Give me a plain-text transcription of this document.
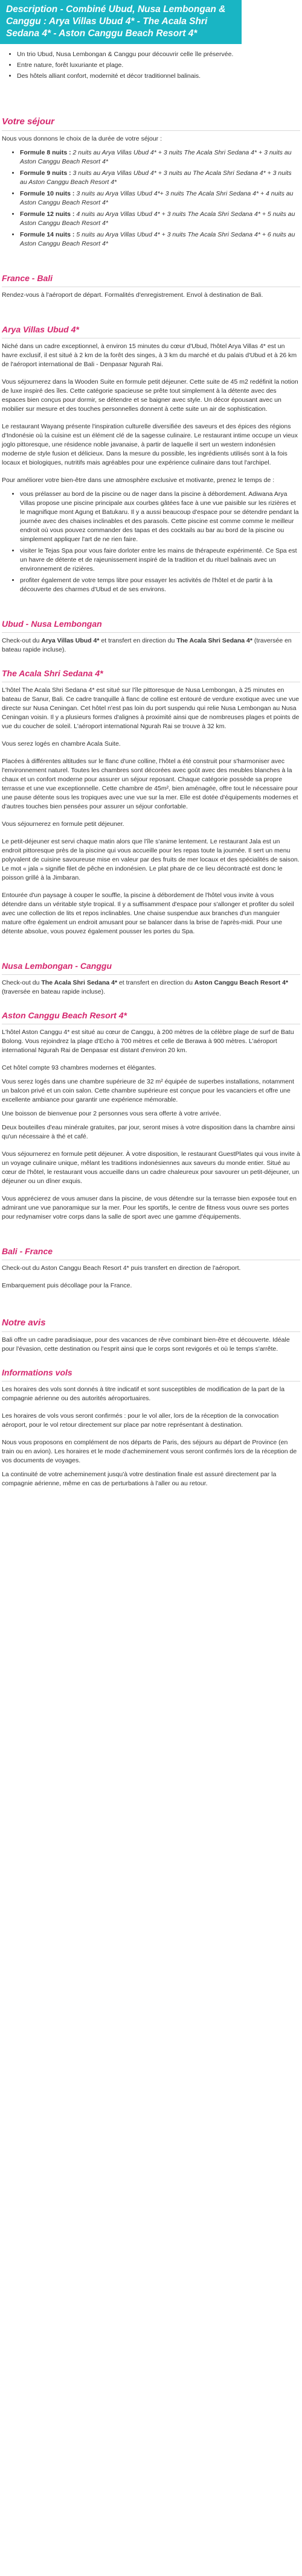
Description - Combiné Ubud, Nusa Lembongan & Canggu : Arya Villas Ubud 4* - The Acala Shri Sedana 4* - Aston Canggu Beach Resort 4*
• Un trio Ubud, Nusa Lembongan & Canggu pour découvrir celle île préservée.
• Entre nature, forêt luxuriante et plage.
• Des hôtels alliant confort, modernité et décor traditionnel balinais.
Votre séjour

Nous vous donnons le choix de la durée de votre séjour :

• Formule 8 nuits : 2 nuits au Arya Villas Ubud 4* + 3 nuits The Acala Shri Sedana 4* + 3 nuits au Aston Canggu Beach Resort 4*
• Formule 9 nuits : 3 nuits au Arya Villas Ubud 4* + 3 nuits au The Acala Shri Sedana 4* + 3 nuits au Aston Canggu Beach Resort 4*
• Formule 10 nuits : 3 nuits au Arya Villas Ubud 4*+ 3 nuits The Acala Shri Sedana 4* + 4 nuits au Aston Canggu Beach Resort 4*
• Formule 12 nuits : 4 nuits au Arya Villas Ubud 4* + 3 nuits The Acala Shri Sedana 4* + 5 nuits au Aston Canggu Beach Resort 4*
• Formule 14 nuits : 5 nuits au Arya Villas Ubud 4* + 3 nuits The Acala Shri Sedana 4* + 6 nuits au Aston Canggu Beach Resort 4*
France - Bali

Rendez-vous à l'aéroport de départ. Formalités d'enregistrement. Envol à destination de Bali.

Arya Villas Ubud 4*

Niché dans un cadre exceptionnel, à environ 15 minutes du cœur d'Ubud, l'hôtel Arya Villas 4* est un havre exclusif, il est situé à 2 km de la forêt des singes, à 3 km du marché et du palais d'Ubud et à 26 km de l'aéroport international de Bali - Denpasar Ngurah Rai.

Vous séjournerez dans la Wooden Suite en formule petit déjeuner. Cette suite de 45 m2 redéfinit la notion de luxe inspiré des îles. Cette catégorie spacieuse se prête tout simplement à la détente avec des espaces bien conçus pour dormir, se détendre et se baigner avec style. Un décor épousant avec un mobilier sur mesure et des touches personnelles donnent à cette suite un air de sophistication.

Le restaurant Wayang présente l'inspiration culturelle diversifiée des saveurs et des épices des régions d'Indonésie où la cuisine est un élément clé de la sagesse culinaire. Le restaurant intime occupe un vieux joglo pittoresque, une résidence noble javanaise, à partir de laquelle il sert un western indonésien moderne de style fusion et délicieux. Dans la mesure du possible, les ingrédients utilisés sont à la fois locaux et biologiques, nutritifs mais agréables pour une expérience culinaire dans tout l'archipel.

Pour améliorer votre bien-être dans une atmosphère exclusive et motivante, prenez le temps de :

• vous prélasser au bord de la piscine ou de nager dans la piscine à débordement. Adiwana Arya Villas propose une piscine principale aux courbes gâtées face à une vue paisible sur les rizières et le magnifique mont Agung et Batukaru. Il y a aussi beaucoup d'espace pour se détendre pendant la journée avec des chaises inclinables et des parasols. Cette piscine est comme comme le meilleur endroit où vous pouvez commander des tapas et des cocktails au bar au bord de la piscine ou simplement appliquer l'art de ne rien faire.
• visiter le Tejas Spa pour vous faire dorloter entre les mains de thérapeute expérimenté. Ce Spa est un havre de détente et de rajeunissement inspiré de la tradition et du rituel balinais avec un environnement de rizières.
• profiter également de votre temps libre pour essayer les activités de l'hôtel et de partir à la découverte des charmes d'Ubud et de ses environs.
Ubud - Nusa Lembongan

Check-out du Arya Villas Ubud 4* et transfert en direction du The Acala Shri Sedana 4* (traversée en bateau rapide incluse).

The Acala Shri Sedana 4*

L'hôtel The Acala Shri Sedana 4* est situé sur l'île pittoresque de Nusa Lembongan, à 25 minutes en bateau de Sanur, Bali. Ce cadre tranquille à flanc de colline est entouré de verdure exotique avec une vue directe sur Nusa Ceningan. Cet hôtel n'est pas loin du port suspendu qui relie Nusa Lembongan au Nusa Ceningan voisin. Il y a plusieurs formes d'alignes à proximité ainsi que de nombreuses plages et points de vue du coucher de soleil. L'aéroport international Ngurah Rai se trouve à 32 km.

Vous serez logés en chambre Acala Suite.

Placées à différentes altitudes sur le flanc d'une colline, l'hôtel a été construit pour s'harmoniser avec l'environnement naturel. Toutes les chambres sont décorées avec goût avec des meubles blanches à la chaux et un confort moderne pour assurer un séjour reposant. Chaque catégorie possède sa propre terrasse et une vue exceptionnelle. Cette chambre de 45m², bien aménagée, offre tout le nécessaire pour une pause détente sous les tropiques avec une vue sur la mer. Elle est dotée d'équipements modernes et d'autres touches bien pensées pour assurer un séjour confortable.

Vous séjournerez en formule petit déjeuner.

Le petit-déjeuner est servi chaque matin alors que l'île s'anime lentement. Le restaurant Jala est un endroit pittoresque près de la piscine qui vous accueille pour les repas toute la journée. Il sert un menu polyvalent de cuisine savoureuse mise en valeur par des fruits de mer locaux et des spécialités de saison. Le mot « jala » signifie filet de pêche en indonésien. Le plat phare de ce lieu décontracté est donc le poisson grillé à la Jimbaran.

Entourée d'un paysage à couper le souffle, la piscine à débordement de l'hôtel vous invite à vous détendre dans un véritable style tropical. Il y a suffisamment d'espace pour s'allonger et profiter du soleil avec une collection de lits et repos inclinables. Une chaise suspendue aux branches d'un manguier mature offre également un endroit amusant pour se balancer dans la brise de l'après-midi. Pour une détente absolue, vous pouvez également pousser les portes du Spa.

Nusa Lembongan - Canggu

Check-out du The Acala Shri Sedana 4* et transfert en direction du Aston Canggu Beach Resort 4* (traversée en bateau rapide incluse).

Aston Canggu Beach Resort 4*

L'hôtel Aston Canggu 4* est situé au cœur de Canggu, à 200 mètres de la célèbre plage de surf de Batu Bolong. Vous rejoindrez la plage d'Echo à 700 mètres et celle de Berawa à 900 mètres. L'aéroport international Ngurah Rai de Denpasar est distant d'environ 20 km.

Cet hôtel compte 93 chambres modernes et élégantes.

Vous serez logés dans une chambre supérieure de 32 m² équipée de superbes installations, notamment un balcon privé et un coin salon. Cette chambre supérieure est conçue pour les vacanciers et offre une excellente ambiance pour garantir une expérience mémorable.

Une boisson de bienvenue pour 2 personnes vous sera offerte à votre arrivée.

Deux bouteilles d'eau minérale gratuites, par jour, seront mises à votre disposition dans la chambre ainsi qu'un nécessaire à thé et café.

Vous séjournerez en formule petit déjeuner. À votre disposition, le restaurant GuestPlates qui vous invite à un voyage culinaire unique, mêlant les traditions indonésiennes aux saveurs du monde entier. Situé au cœur de l'hôtel, le restaurant vous accueille dans un cadre chaleureux pour savourer un petit-déjeuner, un déjeuner ou un dîner exquis.

Vous apprécierez de vous amuser dans la piscine, de vous détendre sur la terrasse bien exposée tout en admirant une vue panoramique sur la mer. Pour les sportifs, le centre de fitness vous ouvre ses portes pour redynamiser votre corps dans la salle de sport avec une gamme d'équipements.

Bali - France

Check-out du Aston Canggu Beach Resort 4* puis transfert en direction de l'aéroport.

Embarquement puis décollage pour la France.

Notre avis

Bali offre un cadre paradisiaque, pour des vacances de rêve combinant bien-être et découverte. Idéale pour l'évasion, cette destination ou l'esprit ainsi que le corps sont revigorés et où le temps s'arrête.

Informations vols

Les horaires des vols sont donnés à titre indicatif et sont susceptibles de modification de la part de la compagnie aérienne ou des autorités aéroportuaires.

Les horaires de vols vous seront confirmés : pour le vol aller, lors de la réception de la convocation aéroport, pour le vol retour directement sur place par notre représentant à destination.

Nous vous proposons en complément de nos départs de Paris, des séjours au départ de Province (en train ou en avion). Les horaires et le mode d'acheminement vous seront confirmés lors de la réception de vos documents de voyages.

La continuité de votre acheminement jusqu'à votre destination finale est assuré directement par la compagnie aérienne, même en cas de perturbations à l'aller ou au retour.
